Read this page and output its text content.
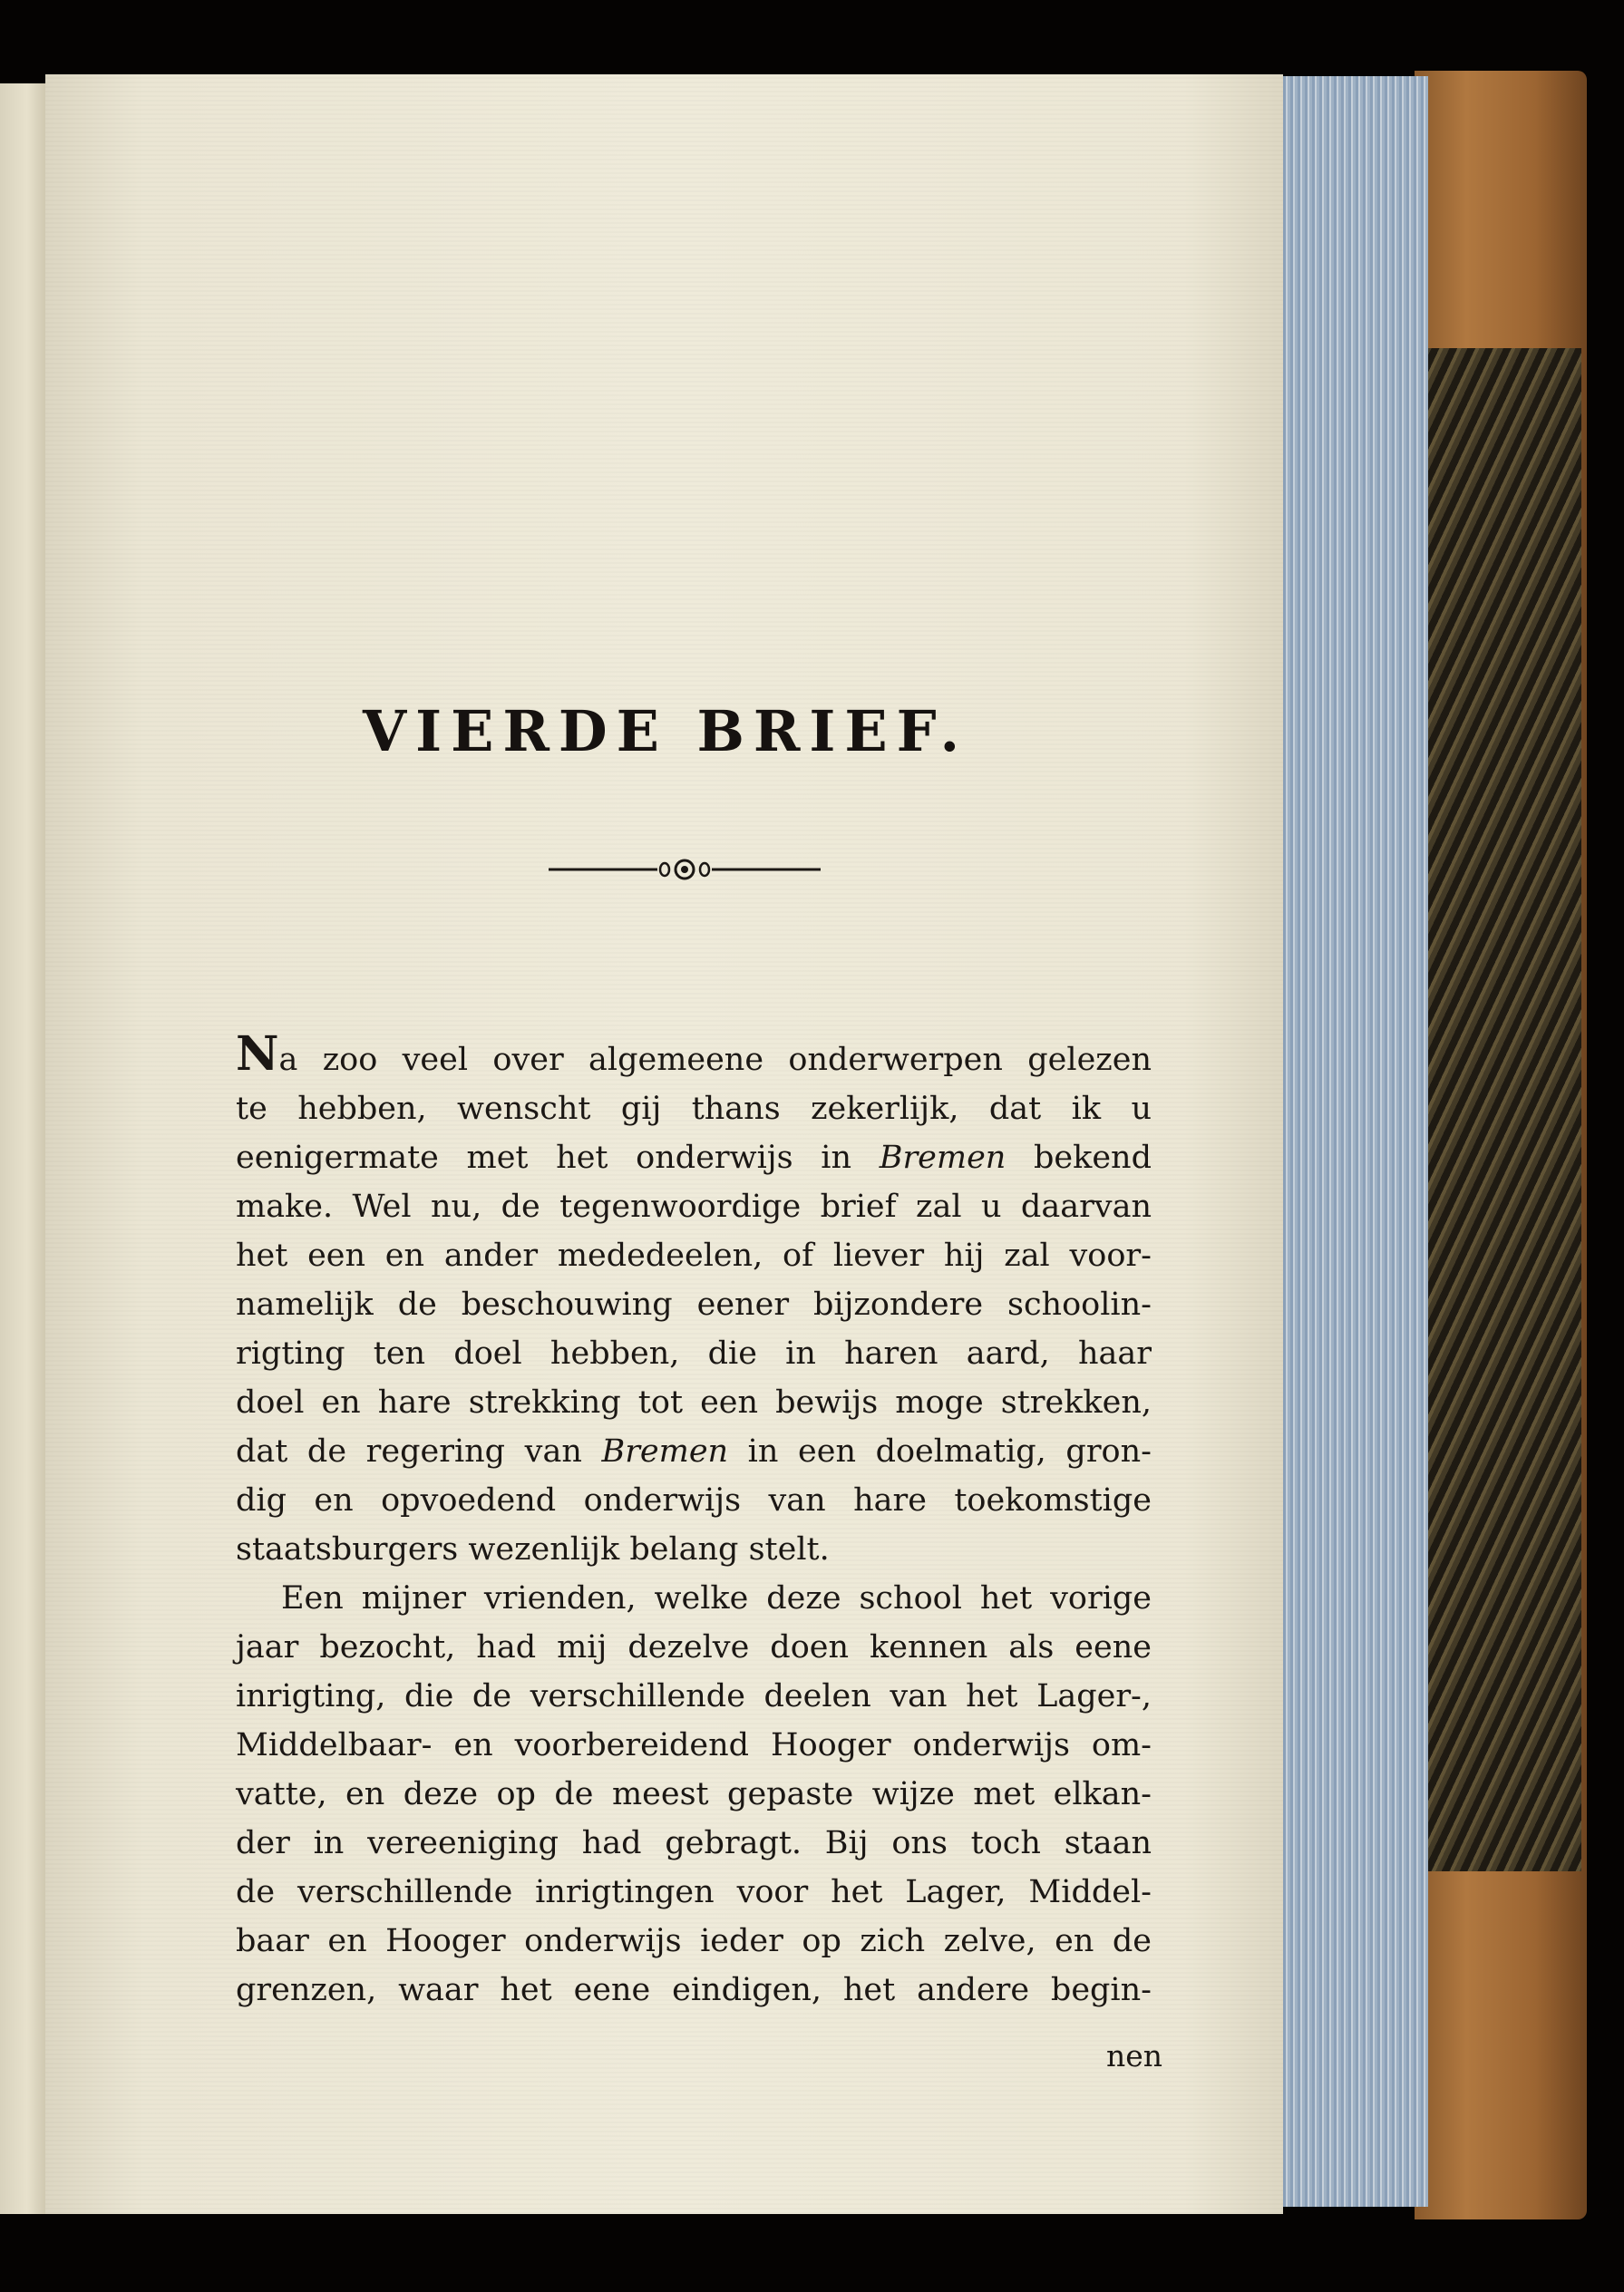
VIERDE BRIEF.
Na zoo veel over algemeene onderwerpen gelezen
te hebben, wenscht gij thans zekerlijk, dat ik u
eenigermate met het onderwijs in Bremen bekend
make. Wel nu, de tegenwoordige brief zal u daarvan
het een en ander mededeelen, of liever hij zal voor-
namelijk de beschouwing eener bijzondere schoolin-
rigting ten doel hebben, die in haren aard, haar
doel en hare strekking tot een bewijs moge strekken,
dat de regering van Bremen in een doelmatig, gron-
dig en opvoedend onderwijs van hare toekomstige
staatsburgers wezenlijk belang stelt.
Een mijner vrienden, welke deze school het vorige
jaar bezocht, had mij dezelve doen kennen als eene
inrigting, die de verschillende deelen van het Lager-,
Middelbaar- en voorbereidend Hooger onderwijs om-
vatte, en deze op de meest gepaste wijze met elkan-
der in vereeniging had gebragt. Bij ons toch staan
de verschillende inrigtingen voor het Lager, Middel-
baar en Hooger onderwijs ieder op zich zelve, en de
grenzen, waar het eene eindigen, het andere begin-
nen
